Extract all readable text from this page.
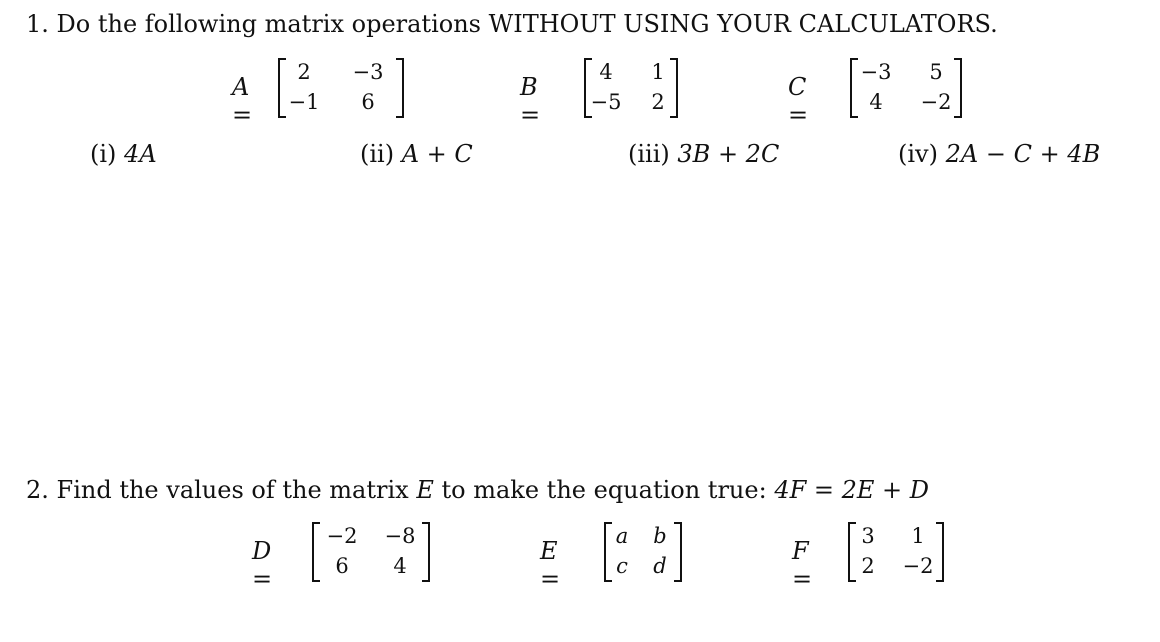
1. Do the following matrix operations WITHOUT USING YOUR CALCULATORS.
A =
2	−3
−1	6
B =
4	1
−5	2
C =
−3	5
4	−2
(i) 4A	(ii) A + C	(iii) 3B + 2C	(iv) 2A − C + 4B
2. Find the values of the matrix E to make the equation true: 4F = 2E + D
D =
−2 −8
6	4
E =
a	b
c	d
F =
3	1
2	−2
